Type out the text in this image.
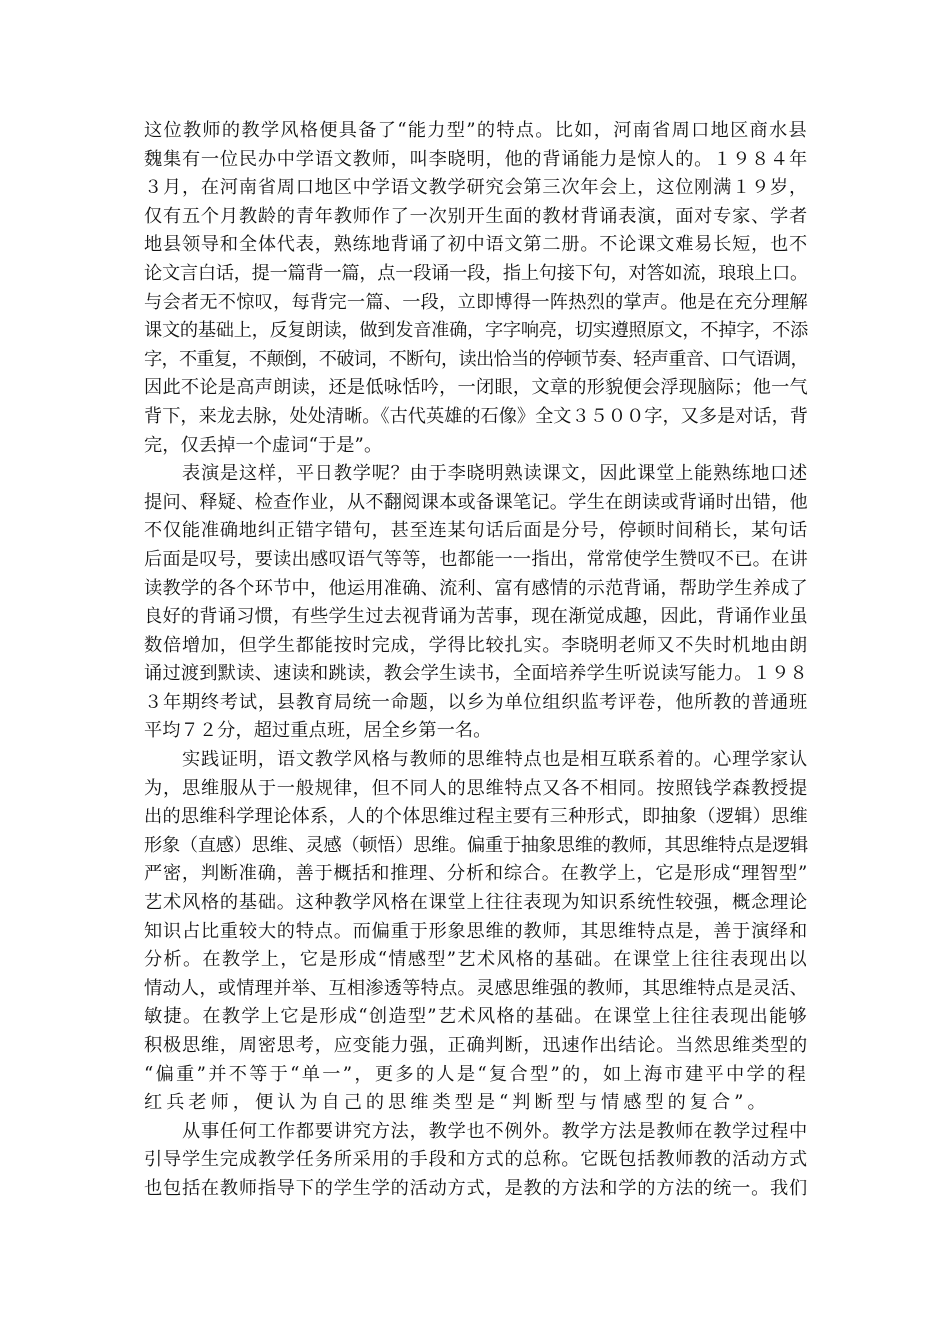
这位教师的教学风格便具备了“能力型”的特点。比如，河南省周口地区商水县
魏集有一位民办中学语文教师，叫李晓明，他的背诵能力是惊人的。１９８４年
３月，在河南省周口地区中学语文教学研究会第三次年会上，这位刚满１９岁，
仅有五个月教龄的青年教师作了一次别开生面的教材背诵表演，面对专家、学者
地县领导和全体代表，熟练地背诵了初中语文第二册。不论课文难易长短，也不
论文言白话，提一篇背一篇，点一段诵一段，指上句接下句，对答如流，琅琅上口。
与会者无不惊叹，每背完一篇、一段，立即博得一阵热烈的掌声。他是在充分理解
课文的基础上，反复朗读，做到发音准确，字字响亮，切实遵照原文，不掉字，不添
字，不重复，不颠倒，不破词，不断句，读出恰当的停顿节奏、轻声重音、口气语调，
因此不论是高声朗读，还是低咏恬吟，一闭眼，文章的形貌便会浮现脑际；他一气
背下，来龙去脉，处处清晰。《古代英雄的石像》全文３５００字，又多是对话，背
完，仅丢掉一个虚词“于是”。
表演是这样，平日教学呢？由于李晓明熟读课文，因此课堂上能熟练地口述
提问、释疑、检查作业，从不翻阅课本或备课笔记。学生在朗读或背诵时出错，他
不仅能准确地纠正错字错句，甚至连某句话后面是分号，停顿时间稍长，某句话
后面是叹号，要读出感叹语气等等，也都能一一指出，常常使学生赞叹不已。在讲
读教学的各个环节中，他运用准确、流利、富有感情的示范背诵，帮助学生养成了
良好的背诵习惯，有些学生过去视背诵为苦事，现在渐觉成趣，因此，背诵作业虽
数倍增加，但学生都能按时完成，学得比较扎实。李晓明老师又不失时机地由朗
诵过渡到默读、速读和跳读，教会学生读书，全面培养学生听说读写能力。１９８
３年期终考试，县教育局统一命题，以乡为单位组织监考评卷，他所教的普通班
平均７２分，超过重点班，居全乡第一名。
实践证明，语文教学风格与教师的思维特点也是相互联系着的。心理学家认
为，思维服从于一般规律，但不同人的思维特点又各不相同。按照钱学森教授提
出的思维科学理论体系，人的个体思维过程主要有三种形式，即抽象（逻辑）思维
形象（直感）思维、灵感（顿悟）思维。偏重于抽象思维的教师，其思维特点是逻辑
严密，判断准确，善于概括和推理、分析和综合。在教学上，它是形成“理智型”
艺术风格的基础。这种教学风格在课堂上往往表现为知识系统性较强，概念理论
知识占比重较大的特点。而偏重于形象思维的教师，其思维特点是，善于演绎和
分析。在教学上，它是形成“情感型”艺术风格的基础。在课堂上往往表现出以
情动人，或情理并举、互相渗透等特点。灵感思维强的教师，其思维特点是灵活、
敏捷。在教学上它是形成“创造型”艺术风格的基础。在课堂上往往表现出能够
积极思维，周密思考，应变能力强，正确判断，迅速作出结论。当然思维类型的
“偏重”并不等于“单一”，更多的人是“复合型”的，如上海市建平中学的程
红兵老师，便认为自己的思维类型是“判断型与情感型的复合”。
从事任何工作都要讲究方法，教学也不例外。教学方法是教师在教学过程中
引导学生完成教学任务所采用的手段和方式的总称。它既包括教师教的活动方式
也包括在教师指导下的学生学的活动方式，是教的方法和学的方法的统一。我们
